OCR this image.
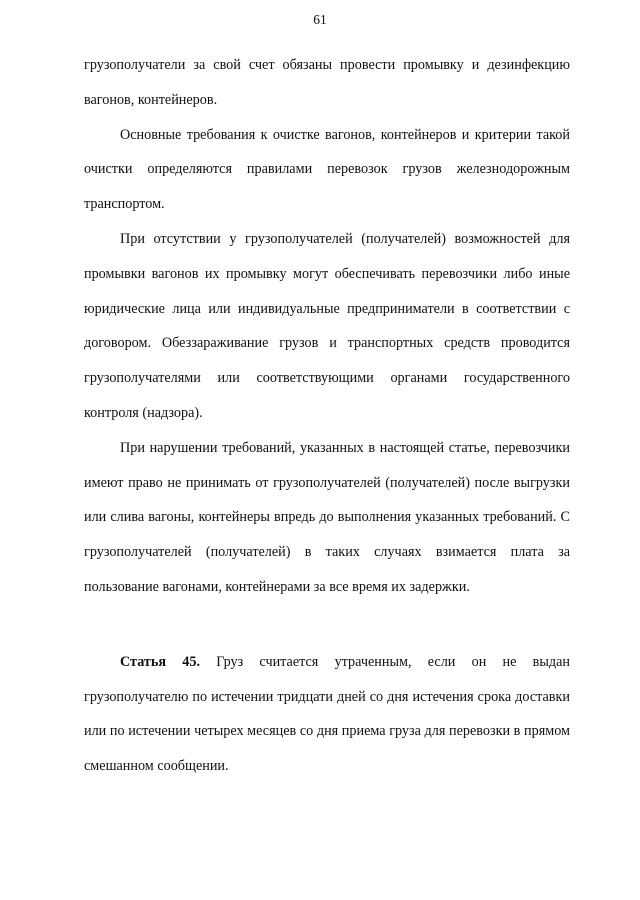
61

грузополучатели за свой счет обязаны провести промывку и дезинфекцию вагонов, контейнеров.

Основные требования к очистке вагонов, контейнеров и критерии такой очистки определяются правилами перевозок грузов железнодорожным транспортом.

При отсутствии у грузополучателей (получателей) возможностей для промывки вагонов их промывку могут обеспечивать перевозчики либо иные юридические лица или индивидуальные предприниматели в соответствии с договором. Обеззараживание грузов и транспортных средств проводится грузополучателями или соответствующими органами государственного контроля (надзора).

При нарушении требований, указанных в настоящей статье, перевозчики имеют право не принимать от грузополучателей (получателей) после выгрузки или слива вагоны, контейнеры впредь до выполнения указанных требований. С грузополучателей (получателей) в таких случаях взимается плата за пользование вагонами, контейнерами за все время их задержки.

Статья 45. Груз считается утраченным, если он не выдан грузополучателю по истечении тридцати дней со дня истечения срока доставки или по истечении четырех месяцев со дня приема груза для перевозки в прямом смешанном сообщении.
